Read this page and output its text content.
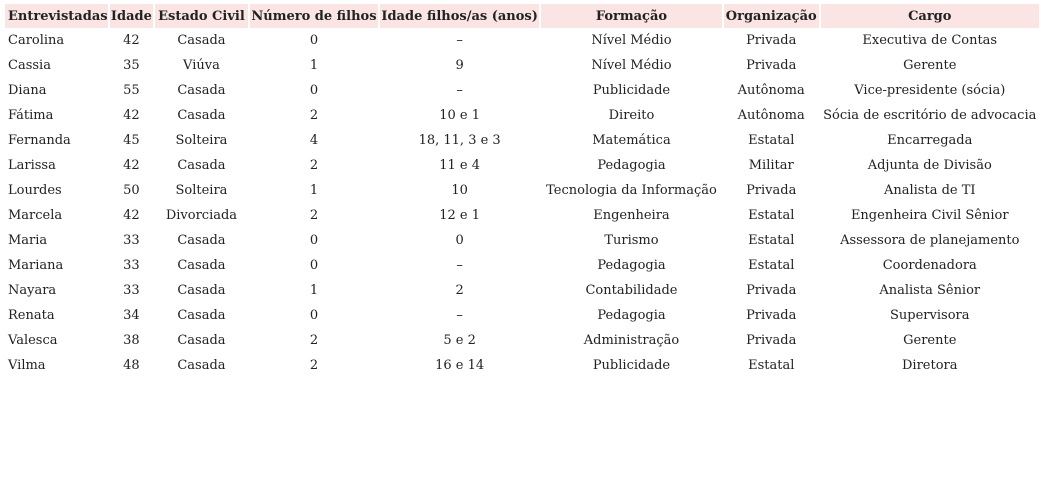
Entrevistadas	Idade	Estado Civil	Número de filhos	Idade filhos/as (anos)	Formação	Organização	Cargo
Carolina	42	Casada	0	–	Nível Médio	Privada	Executiva de Contas
Cassia	35	Viúva	1	9	Nível Médio	Privada	Gerente
Diana	55	Casada	0	–	Publicidade	Autônoma	Vice-presidente (sócia)
Fátima	42	Casada	2	10 e 1	Direito	Autônoma	Sócia de escritório de advocacia
Fernanda	45	Solteira	4	18, 11, 3 e 3	Matemática	Estatal	Encarregada
Larissa	42	Casada	2	11 e 4	Pedagogia	Militar	Adjunta de Divisão
Lourdes	50	Solteira	1	10	Tecnologia da Informação	Privada	Analista de TI
Marcela	42	Divorciada	2	12 e 1	Engenheira	Estatal	Engenheira Civil Sênior
Maria	33	Casada	0	0	Turismo	Estatal	Assessora de planejamento
Mariana	33	Casada	0	–	Pedagogia	Estatal	Coordenadora
Nayara	33	Casada	1	2	Contabilidade	Privada	Analista Sênior
Renata	34	Casada	0	–	Pedagogia	Privada	Supervisora
Valesca	38	Casada	2	5 e 2	Administração	Privada	Gerente
Vilma	48	Casada	2	16 e 14	Publicidade	Estatal	Diretora
